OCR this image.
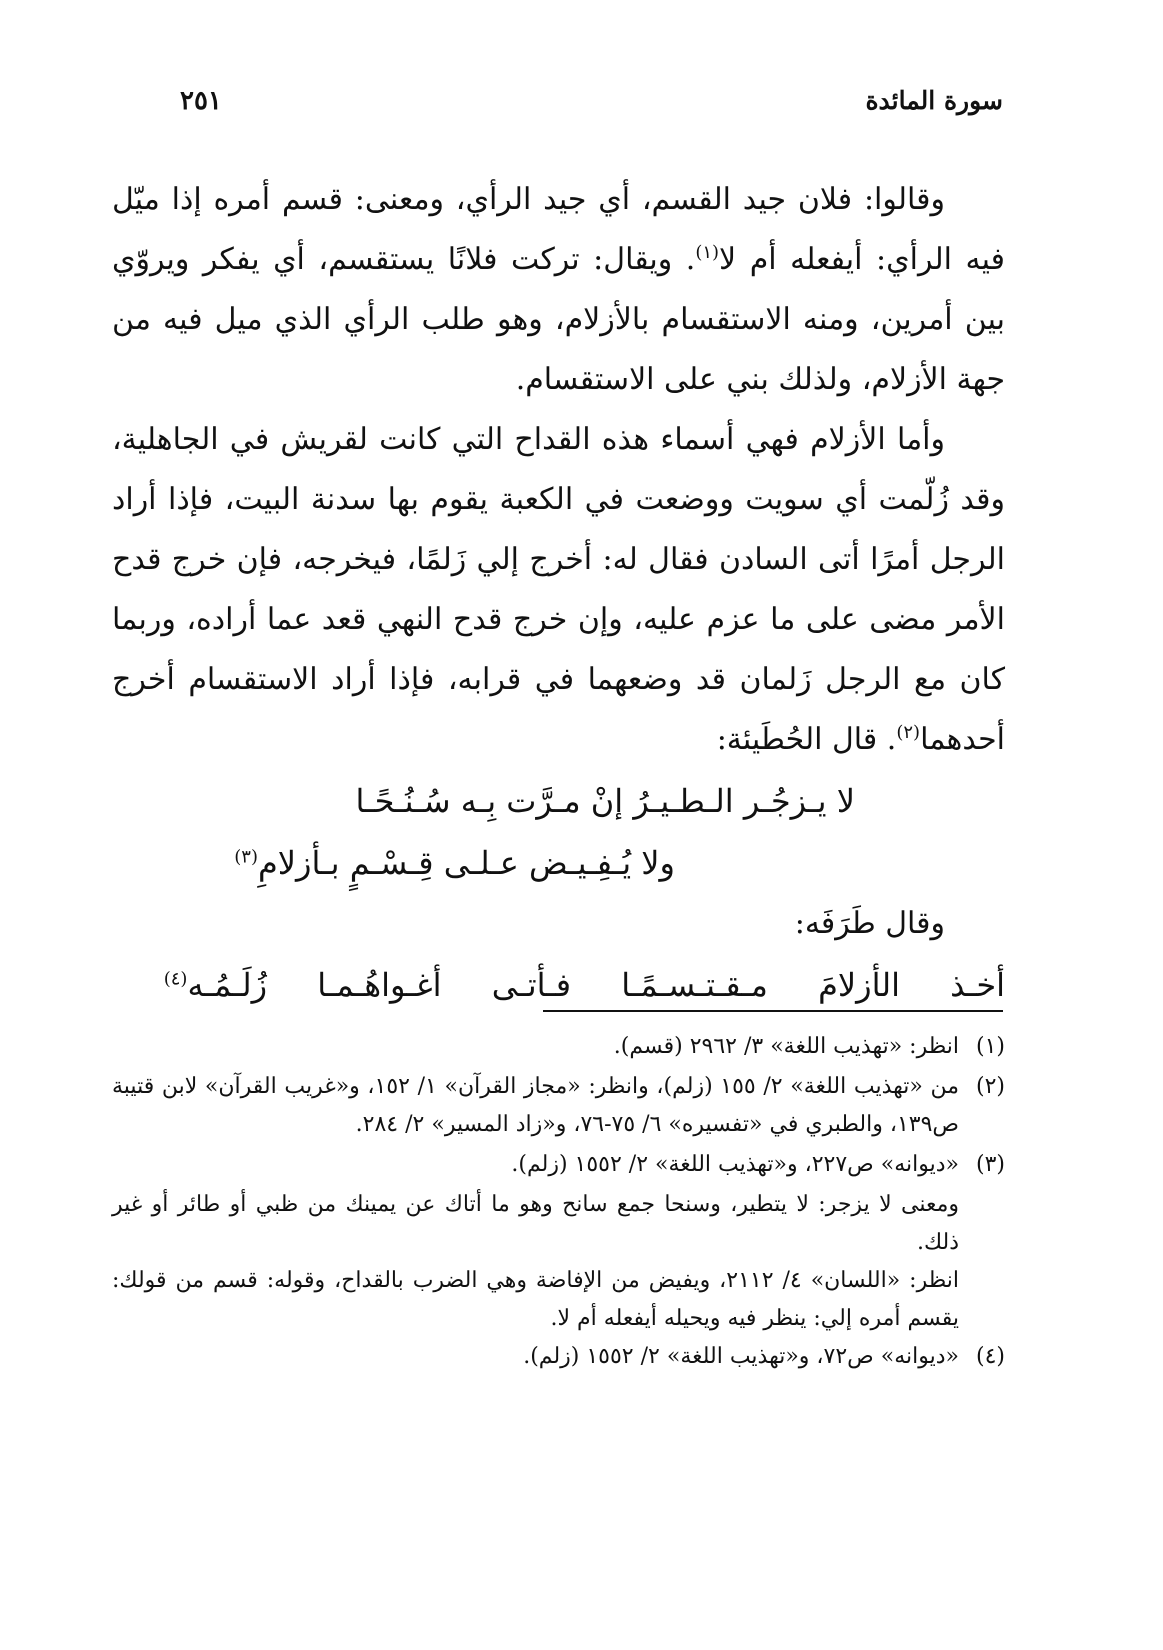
سورة المائدة
٢٥١

وقالوا: فلان جيد القسم، أي جيد الرأي، ومعنى: قسم أمره إذا ميّل فيه الرأي: أيفعله أم لا$^{(١)}$. ويقال: تركت فلانًا يستقسم، أي يفكر ويروّي بين أمرين، ومنه الاستقسام بالأزلام، وهو طلب الرأي الذي ميل فيه من جهة الأزلام، ولذلك بني على الاستقسام.

وأما الأزلام فهي أسماء هذه القداح التي كانت لقريش في الجاهلية، وقد زُلّمت أي سويت ووضعت في الكعبة يقوم بها سدنة البيت، فإذا أراد الرجل أمرًا أتى السادن فقال له: أخرج إلي زَلمًا، فيخرجه، فإن خرج قدح الأمر مضى على ما عزم عليه، وإن خرج قدح النهي قعد عما أراده، وربما كان مع الرجل زَلمان قد وضعهما في قرابه، فإذا أراد الاستقسام أخرج أحدهما$^{(٢)}$. قال الحُطَيئة:

لا يـزجُـر الـطـيـرُ إنْ مـرَّت بِـه سُـنُـحًـا

ولا يُـفِـيـض عـلـى قِـسْـمٍ بـأزلامِ$^{(٣)}$

وقال طَرَفَه:

أخـذ الأزلامَ مـقـتـسـمًـا فـأتـى أغـواهُـمـا زُلَـمُـه$^{(٤)}$

(١)
انظر: «تهذيب اللغة» ٣/ ٢٩٦٢ (قسم).
(٢)
من «تهذيب اللغة» ٢/ ١٥٥ (زلم)، وانظر: «مجاز القرآن» ١/ ١٥٢، و«غريب القرآن» لابن قتيبة ص١٣٩، والطبري في «تفسيره» ٦/ ٧٥-٧٦، و«زاد المسير» ٢/ ٢٨٤.
(٣)
«ديوانه» ص٢٢٧، و«تهذيب اللغة» ٢/ ١٥٥٢ (زلم).

ومعنى لا يزجر: لا يتطير، وسنحا جمع سانح وهو ما أتاك عن يمينك من ظبي أو طائر أو غير ذلك.

انظر: «اللسان» ٤/ ٢١١٢، ويفيض من الإفاضة وهي الضرب بالقداح، وقوله: قسم من قولك: يقسم أمره إلي: ينظر فيه ويحيله أيفعله أم لا.

(٤)
«ديوانه» ص٧٢، و«تهذيب اللغة» ٢/ ١٥٥٢ (زلم).
